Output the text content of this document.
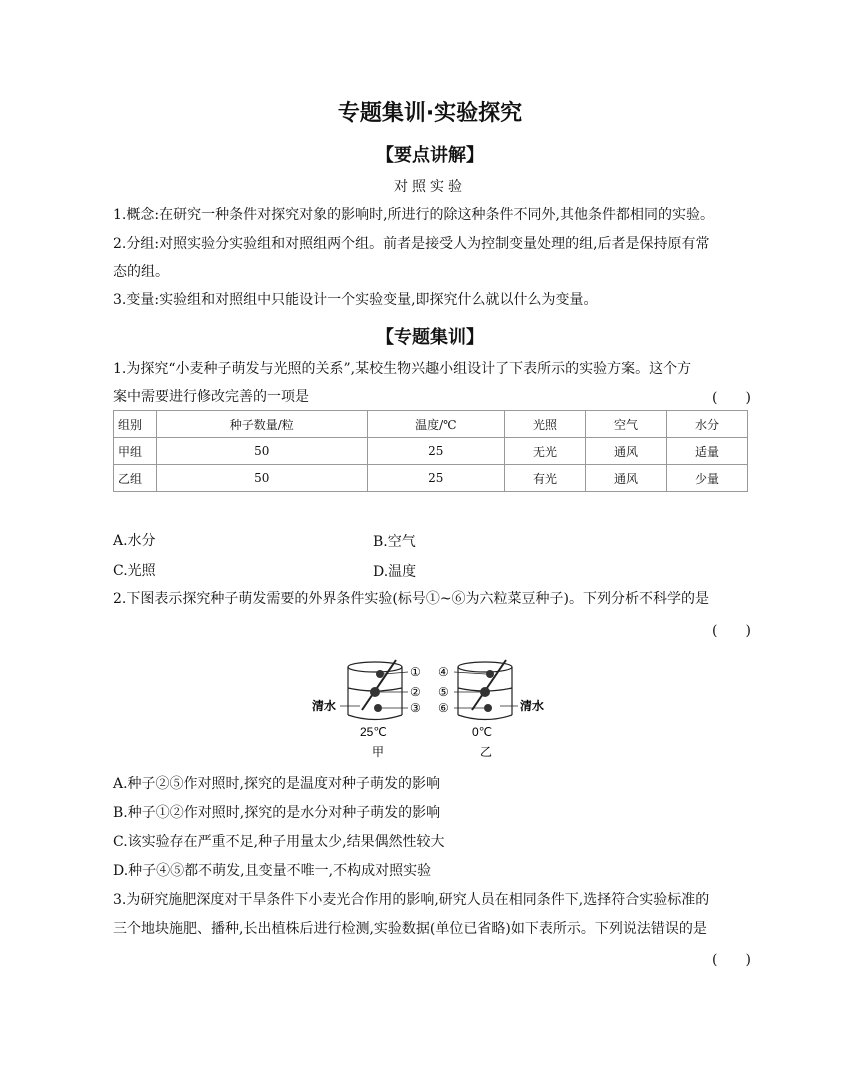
专题集训·实验探究
【要点讲解】
对照实验
1.概念:在研究一种条件对探究对象的影响时,所进行的除这种条件不同外,其他条件都相同的实验。
2.分组:对照实验分实验组和对照组两个组。前者是接受人为控制变量处理的组,后者是保持原有常
态的组。
3.变量:实验组和对照组中只能设计一个实验变量,即探究什么就以什么为变量。
【专题集训】
1.为探究“小麦种子萌发与光照的关系”,某校生物兴趣小组设计了下表所示的实验方案。这个方
案中需要进行修改完善的一项是	(　　)
组别	种子数量/粒	温度/℃	光照	空气	水分
甲组	50	25	无光	通风	适量
乙组	50	25	有光	通风	少量
A.水分	B.空气
C.光照	D.温度
2.下图表示探究种子萌发需要的外界条件实验(标号①~⑥为六粒菜豆种子)。下列分析不科学的是
(　　)
①
②
③
④
⑤
⑥
清水	清水
25℃	0℃
甲	乙
A.种子②⑤作对照时,探究的是温度对种子萌发的影响
B.种子①②作对照时,探究的是水分对种子萌发的影响
C.该实验存在严重不足,种子用量太少,结果偶然性较大
D.种子④⑤都不萌发,且变量不唯一,不构成对照实验
3.为研究施肥深度对干旱条件下小麦光合作用的影响,研究人员在相同条件下,选择符合实验标准的
三个地块施肥、播种,长出植株后进行检测,实验数据(单位已省略)如下表所示。下列说法错误的是
(　　)
